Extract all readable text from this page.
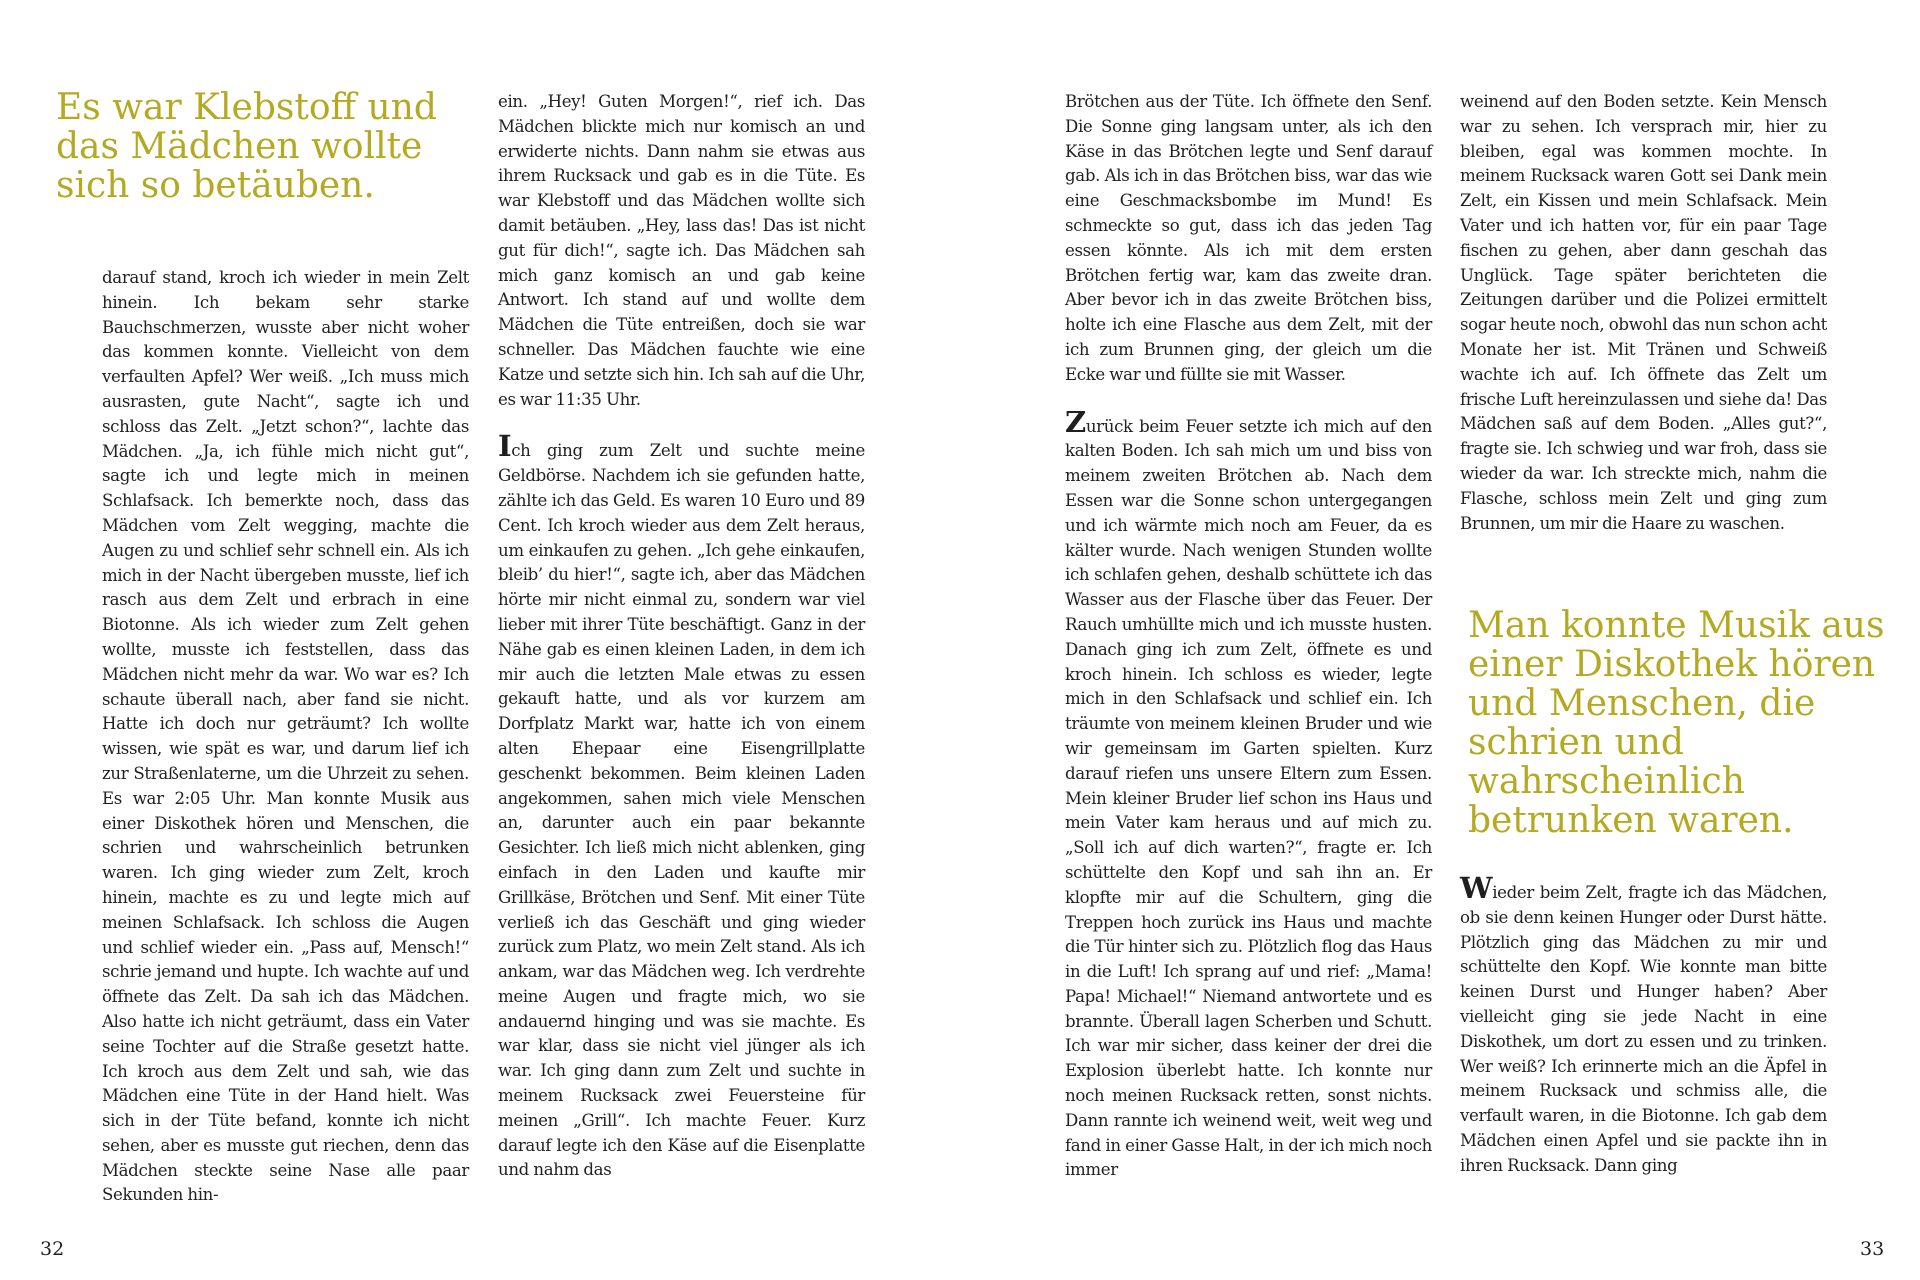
Es war Klebstoff und das Mädchen wollte sich so betäuben.

darauf stand, kroch ich wieder in mein Zelt hinein. Ich bekam sehr starke Bauchschmerzen, wusste aber nicht woher das kommen konnte. Vielleicht von dem verfaulten Apfel? Wer weiß. „Ich muss mich ausrasten, gute Nacht“, sagte ich und schloss das Zelt. „Jetzt schon?“, lachte das Mädchen. „Ja, ich fühle mich nicht gut“, sagte ich und legte mich in meinen Schlafsack. Ich bemerkte noch, dass das Mädchen vom Zelt wegging, machte die Augen zu und schlief sehr schnell ein. Als ich mich in der Nacht übergeben musste, lief ich rasch aus dem Zelt und erbrach in eine Biotonne. Als ich wieder zum Zelt gehen wollte, musste ich feststellen, dass das Mädchen nicht mehr da war. Wo war es? Ich schaute überall nach, aber fand sie nicht. Hatte ich doch nur geträumt? Ich wollte wissen, wie spät es war, und darum lief ich zur Straßenlaterne, um die Uhrzeit zu sehen. Es war 2:05 Uhr. Man konnte Musik aus einer Diskothek hören und Menschen, die schrien und wahrscheinlich betrunken waren. Ich ging wieder zum Zelt, kroch hinein, machte es zu und legte mich auf meinen Schlafsack. Ich schloss die Augen und schlief wieder ein. „Pass auf, Mensch!“ schrie jemand und hupte. Ich wachte auf und öffnete das Zelt. Da sah ich das Mädchen. Also hatte ich nicht geträumt, dass ein Vater seine Tochter auf die Straße gesetzt hatte. Ich kroch aus dem Zelt und sah, wie das Mädchen eine Tüte in der Hand hielt. Was sich in der Tüte befand, konnte ich nicht sehen, aber es musste gut riechen, denn das Mädchen steckte seine Nase alle paar Sekunden hin-

ein. „Hey! Guten Morgen!“, rief ich. Das Mädchen blickte mich nur komisch an und erwiderte nichts. Dann nahm sie etwas aus ihrem Rucksack und gab es in die Tüte. Es war Klebstoff und das Mädchen wollte sich damit betäuben. „Hey, lass das! Das ist nicht gut für dich!“, sagte ich. Das Mädchen sah mich ganz komisch an und gab keine Antwort. Ich stand auf und wollte dem Mädchen die Tüte entreißen, doch sie war schneller. Das Mädchen fauchte wie eine Katze und setzte sich hin. Ich sah auf die Uhr, es war 11:35 Uhr.

Ich ging zum Zelt und suchte meine Geldbörse. Nachdem ich sie gefunden hatte, zählte ich das Geld. Es waren 10 Euro und 89 Cent. Ich kroch wieder aus dem Zelt heraus, um einkaufen zu gehen. „Ich gehe einkaufen, bleib’ du hier!“, sagte ich, aber das Mädchen hörte mir nicht einmal zu, sondern war viel lieber mit ihrer Tüte beschäftigt. Ganz in der Nähe gab es einen kleinen Laden, in dem ich mir auch die letzten Male etwas zu essen gekauft hatte, und als vor kurzem am Dorfplatz Markt war, hatte ich von einem alten Ehepaar eine Eisengrillplatte geschenkt bekommen. Beim kleinen Laden angekommen, sahen mich viele Menschen an, darunter auch ein paar bekannte Gesichter. Ich ließ mich nicht ablenken, ging einfach in den Laden und kaufte mir Grillkäse, Brötchen und Senf. Mit einer Tüte verließ ich das Geschäft und ging wieder zurück zum Platz, wo mein Zelt stand. Als ich ankam, war das Mädchen weg. Ich verdrehte meine Augen und fragte mich, wo sie andauernd hinging und was sie machte. Es war klar, dass sie nicht viel jünger als ich war. Ich ging dann zum Zelt und suchte in meinem Rucksack zwei Feuersteine für meinen „Grill“. Ich machte Feuer. Kurz darauf legte ich den Käse auf die Eisenplatte und nahm das

32

Brötchen aus der Tüte. Ich öffnete den Senf. Die Sonne ging langsam unter, als ich den Käse in das Brötchen legte und Senf darauf gab. Als ich in das Brötchen biss, war das wie eine Geschmacksbombe im Mund! Es schmeckte so gut, dass ich das jeden Tag essen könnte. Als ich mit dem ersten Brötchen fertig war, kam das zweite dran. Aber bevor ich in das zweite Brötchen biss, holte ich eine Flasche aus dem Zelt, mit der ich zum Brunnen ging, der gleich um die Ecke war und füllte sie mit Wasser.

Zurück beim Feuer setzte ich mich auf den kalten Boden. Ich sah mich um und biss von meinem zweiten Brötchen ab. Nach dem Essen war die Sonne schon untergegangen und ich wärmte mich noch am Feuer, da es kälter wurde. Nach wenigen Stunden wollte ich schlafen gehen, deshalb schüttete ich das Wasser aus der Flasche über das Feuer. Der Rauch umhüllte mich und ich musste husten. Danach ging ich zum Zelt, öffnete es und kroch hinein. Ich schloss es wieder, legte mich in den Schlafsack und schlief ein. Ich träumte von meinem kleinen Bruder und wie wir gemeinsam im Garten spielten. Kurz darauf riefen uns unsere Eltern zum Essen. Mein kleiner Bruder lief schon ins Haus und mein Vater kam heraus und auf mich zu. „Soll ich auf dich warten?“, fragte er. Ich schüttelte den Kopf und sah ihn an. Er klopfte mir auf die Schultern, ging die Treppen hoch zurück ins Haus und machte die Tür hinter sich zu. Plötzlich flog das Haus in die Luft! Ich sprang auf und rief: „Mama! Papa! Michael!“ Niemand antwortete und es brannte. Überall lagen Scherben und Schutt. Ich war mir sicher, dass keiner der drei die Explosion überlebt hatte. Ich konnte nur noch meinen Rucksack retten, sonst nichts. Dann rannte ich weinend weit, weit weg und fand in einer Gasse Halt, in der ich mich noch immer

weinend auf den Boden setzte. Kein Mensch war zu sehen. Ich versprach mir, hier zu bleiben, egal was kommen mochte. In meinem Rucksack waren Gott sei Dank mein Zelt, ein Kissen und mein Schlafsack. Mein Vater und ich hatten vor, für ein paar Tage fischen zu gehen, aber dann geschah das Unglück. Tage später berichteten die Zeitungen darüber und die Polizei ermittelt sogar heute noch, obwohl das nun schon acht Monate her ist. Mit Tränen und Schweiß wachte ich auf. Ich öffnete das Zelt um frische Luft hereinzulassen und siehe da! Das Mädchen saß auf dem Boden. „Alles gut?“, fragte sie. Ich schwieg und war froh, dass sie wieder da war. Ich streckte mich, nahm die Flasche, schloss mein Zelt und ging zum Brunnen, um mir die Haare zu waschen.

Man konnte Musik aus einer Diskothek hören und Menschen, die schrien und wahrscheinlich betrunken waren.

Wieder beim Zelt, fragte ich das Mädchen, ob sie denn keinen Hunger oder Durst hätte. Plötzlich ging das Mädchen zu mir und schüttelte den Kopf. Wie konnte man bitte keinen Durst und Hunger haben? Aber vielleicht ging sie jede Nacht in eine Diskothek, um dort zu essen und zu trinken. Wer weiß? Ich erinnerte mich an die Äpfel in meinem Rucksack und schmiss alle, die verfault waren, in die Biotonne. Ich gab dem Mädchen einen Apfel und sie packte ihn in ihren Rucksack. Dann ging

33
